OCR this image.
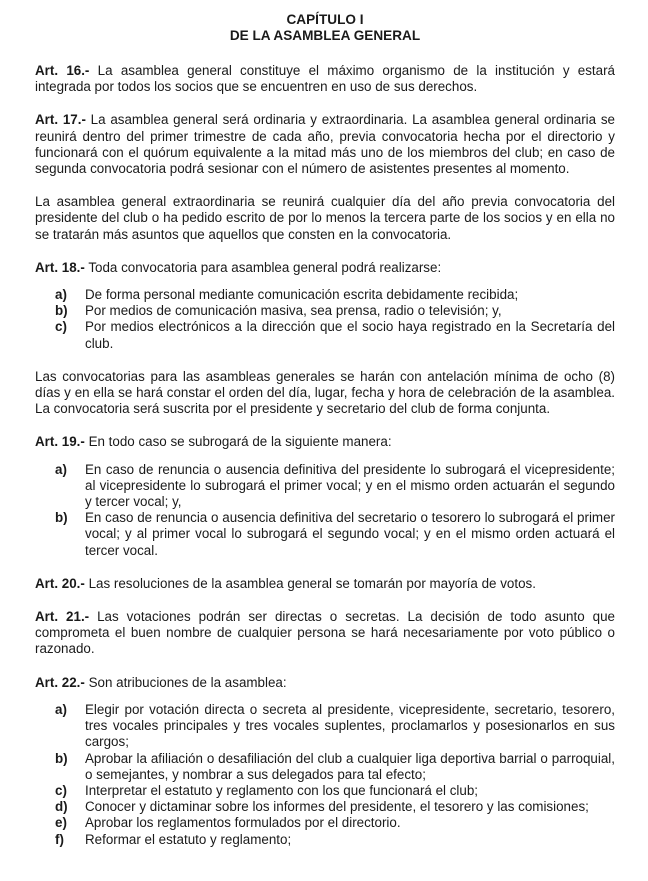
CAPÍTULO I
DE LA ASAMBLEA GENERAL

Art. 16.- La asamblea general constituye el máximo organismo de la institución y estará integrada por todos los socios que se encuentren en uso de sus derechos.

Art. 17.- La asamblea general será ordinaria y extraordinaria. La asamblea general ordinaria se reunirá dentro del primer trimestre de cada año, previa convocatoria hecha por el directorio y funcionará con el quórum equivalente a la mitad más uno de los miembros del club; en caso de segunda convocatoria podrá sesionar con el número de asistentes presentes al momento.

La asamblea general extraordinaria se reunirá cualquier día del año previa convocatoria del presidente del club o ha pedido escrito de por lo menos la tercera parte de los socios y en ella no se tratarán más asuntos que aquellos que consten en la convocatoria.

Art. 18.- Toda convocatoria para asamblea general podrá realizarse:

a) De forma personal mediante comunicación escrita debidamente recibida;
b) Por medios de comunicación masiva, sea prensa, radio o televisión; y,
c) Por medios electrónicos a la dirección que el socio haya registrado en la Secretaría del club.

Las convocatorias para las asambleas generales se harán con antelación mínima de ocho (8) días y en ella se hará constar el orden del día, lugar, fecha y hora de celebración de la asamblea. La convocatoria será suscrita por el presidente y secretario del club de forma conjunta.

Art. 19.- En todo caso se subrogará de la siguiente manera:

a) En caso de renuncia o ausencia definitiva del presidente lo subrogará el vicepresidente; al vicepresidente lo subrogará el primer vocal; y en el mismo orden actuarán el segundo y tercer vocal; y,
b) En caso de renuncia o ausencia definitiva del secretario o tesorero lo subrogará el primer vocal; y al primer vocal lo subrogará el segundo vocal; y en el mismo orden actuará el tercer vocal.

Art. 20.- Las resoluciones de la asamblea general se tomarán por mayoría de votos.

Art. 21.- Las votaciones podrán ser directas o secretas. La decisión de todo asunto que comprometa el buen nombre de cualquier persona se hará necesariamente por voto público o razonado.

Art. 22.- Son atribuciones de la asamblea:

a) Elegir por votación directa o secreta al presidente, vicepresidente, secretario, tesorero, tres vocales principales y tres vocales suplentes, proclamarlos y posesionarlos en sus cargos;
b) Aprobar la afiliación o desafiliación del club a cualquier liga deportiva barrial o parroquial, o semejantes, y nombrar a sus delegados para tal efecto;
c) Interpretar el estatuto y reglamento con los que funcionará el club;
d) Conocer y dictaminar sobre los informes del presidente, el tesorero y las comisiones;
e) Aprobar los reglamentos formulados por el directorio.
f) Reformar el estatuto y reglamento;
